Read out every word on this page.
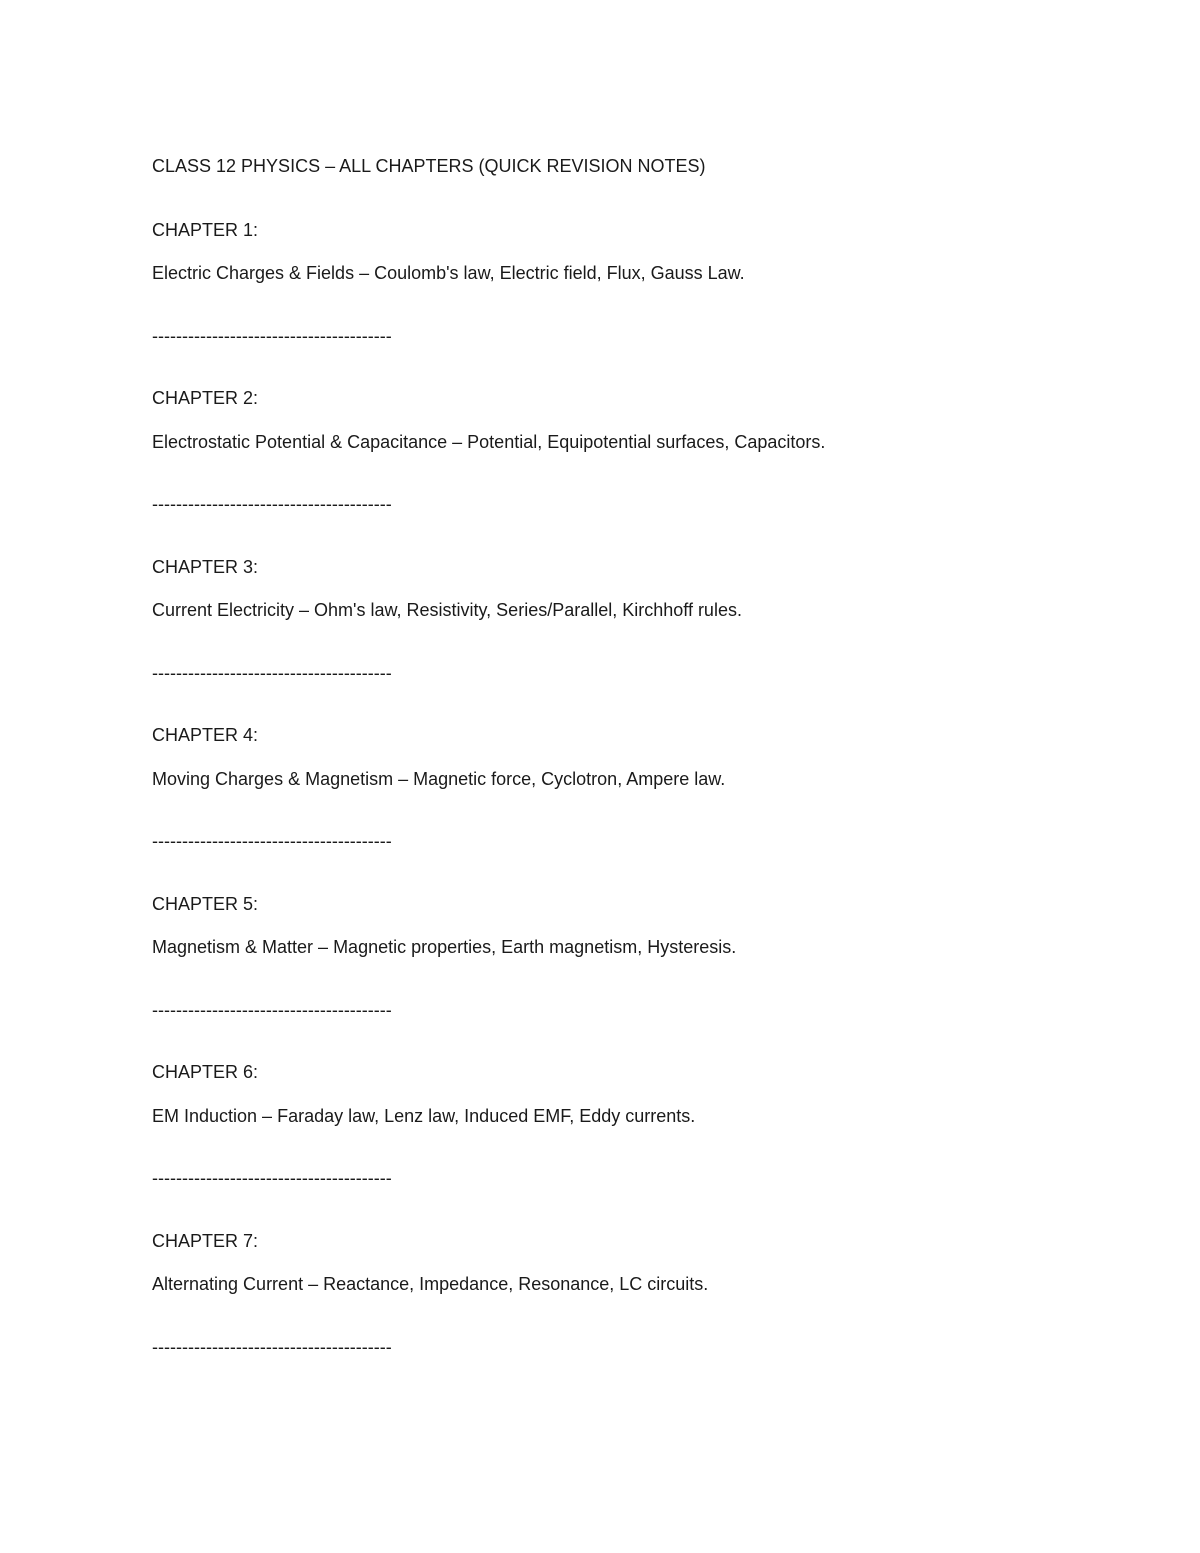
CLASS 12 PHYSICS – ALL CHAPTERS (QUICK REVISION NOTES)
CHAPTER 1:
Electric Charges & Fields – Coulomb's law, Electric field, Flux, Gauss Law.
----------------------------------------
CHAPTER 2:
Electrostatic Potential & Capacitance – Potential, Equipotential surfaces, Capacitors.
----------------------------------------
CHAPTER 3:
Current Electricity – Ohm's law, Resistivity, Series/Parallel, Kirchhoff rules.
----------------------------------------
CHAPTER 4:
Moving Charges & Magnetism – Magnetic force, Cyclotron, Ampere law.
----------------------------------------
CHAPTER 5:
Magnetism & Matter – Magnetic properties, Earth magnetism, Hysteresis.
----------------------------------------
CHAPTER 6:
EM Induction – Faraday law, Lenz law, Induced EMF, Eddy currents.
----------------------------------------
CHAPTER 7:
Alternating Current – Reactance, Impedance, Resonance, LC circuits.
----------------------------------------
